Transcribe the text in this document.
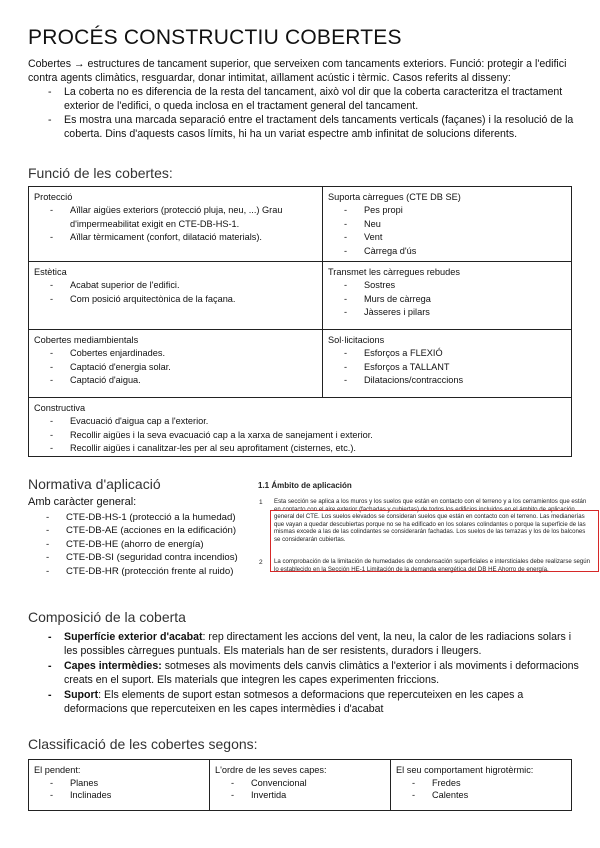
PROCÉS CONSTRUCTIU COBERTES

Cobertes → estructures de tancament superior, que serveixen com tancaments exteriors. Funció: protegir a l'edifici contra agents climàtics, resguardar, donar intimitat, aïllament acústic i tèrmic. Casos referits al disseny:

- La coberta no es diferencia de la resta del tancament, això vol dir que la coberta caracteritza el tractament exterior de l'edifici, o queda inclosa en el tractament general del tancament.
- Es mostra una marcada separació entre el tractament dels tancaments verticals (façanes) i la resolució de la coberta. Dins d'aquests casos límits, hi ha un variat espectre amb infinitat de solucions diferents.
Funció de les cobertes:
Protecció
- Aïllar aigües exteriors (protecció pluja, neu, ...) Grau d'impermeabilitat exigit en CTE-DB-HS-1.
- Aïllar tèrmicament (confort, dilatació materials).
Suporta càrregues (CTE DB SE)
- Pes propi
- Neu
- Vent
- Càrrega d'ús
Estètica
- Acabat superior de l'edifici.
- Com posició arquitectònica de la façana.
Transmet les càrregues rebudes
- Sostres
- Murs de càrrega
- Jàsseres i pilars
Cobertes mediambientals
- Cobertes enjardinades.
- Captació d'energia solar.
- Captació d'aigua.
Sol·licitacions
- Esforços a FLEXIÓ
- Esforços a TALLANT
- Dilatacions/contraccions
Constructiva
- Evacuació d'aigua cap a l'exterior.
- Recollir aigües i la seva evacuació cap a la xarxa de sanejament i exterior.
- Recollir aigües i canalitzar-les per al seu aprofitament (cisternes, etc.).
Normativa d'aplicació
Amb caràcter general:
- CTE-DB-HS-1 (protecció a la humedad)
- CTE-DB-AE (acciones en la edificación)
- CTE-DB-HE (ahorro de energía)
- CTE-DB-SI (seguridad contra incendios)
- CTE-DB-HR (protección frente al ruido)
1.1 Ámbito de aplicación
1 Esta sección se aplica a los muros y los suelos que están en contacto con el terreno y a los cerramientos que están en contacto con el aire exterior (fachadas y cubiertas) de todos los edificios incluidos en el ámbito de aplicación general del CTE. Los suelos elevados se consideran suelos que están en contacto con el terreno. Las medianerías que vayan a quedar descubiertas porque no se ha edificado en los solares colindantes o porque la superficie de las mismas excede a las de las colindantes se considerarán fachadas. Los suelos de las terrazas y los de los balcones se considerarán cubiertas.
2 La comprobación de la limitación de humedades de condensación superficiales e intersticiales debe realizarse según lo establecido en la Sección HE-1 Limitación de la demanda energética del DB HE Ahorro de energía.
Composició de la coberta
- Superfície exterior d'acabat: rep directament les accions del vent, la neu, la calor de les radiacions solars i les possibles càrregues puntuals. Els materials han de ser resistents, duradors i lleugers.
- Capes intermèdies: sotmeses als moviments dels canvis climàtics a l'exterior i als moviments i deformacions creats en el suport. Els materials que integren les capes experimenten friccions.
- Suport: Els elements de suport estan sotmesos a deformacions que repercuteixen en les capes a deformacions que repercuteixen en les capes intermèdies i d'acabat
Classificació de les cobertes segons:
El pendent:
- Planes
- Inclinades
L'ordre de les seves capes:
- Convencional
- Invertida
El seu comportament higrotèrmic:
- Fredes
- Calentes
